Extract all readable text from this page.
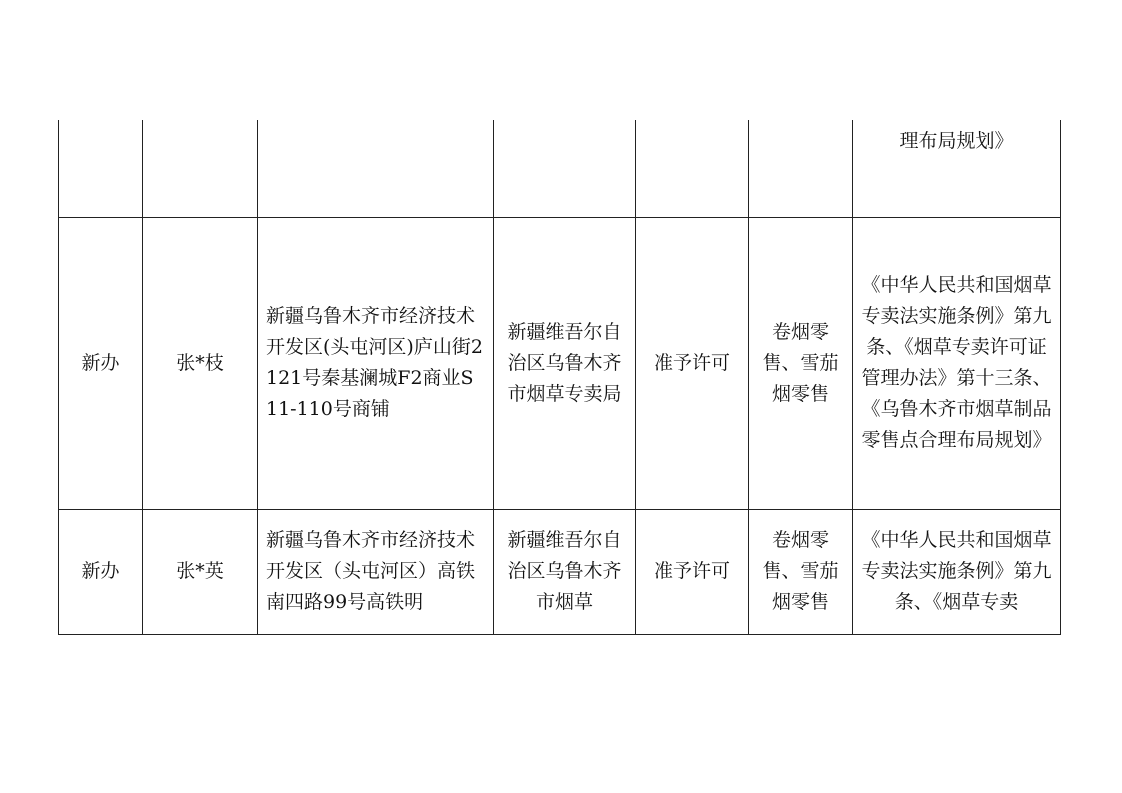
						理布局规划》

新办	张*枝	新疆乌鲁木齐市经济技术开发区(头屯河区)庐山街2121号秦基澜城F2商业S11-110号商铺	新疆维吾尔自治区乌鲁木齐市烟草专卖局	准予许可	卷烟零售、雪茄烟零售	《中华人民共和国烟草专卖法实施条例》第九条、《烟草专卖许可证管理办法》第十三条、《乌鲁木齐市烟草制品零售点合理布局规划》

新办	张*英	新疆乌鲁木齐市经济技术开发区（头屯河区）高铁南四路99号高铁明	新疆维吾尔自治区乌鲁木齐市烟草	准予许可	卷烟零售、雪茄烟零售	《中华人民共和国烟草专卖法实施条例》第九条、《烟草专卖
